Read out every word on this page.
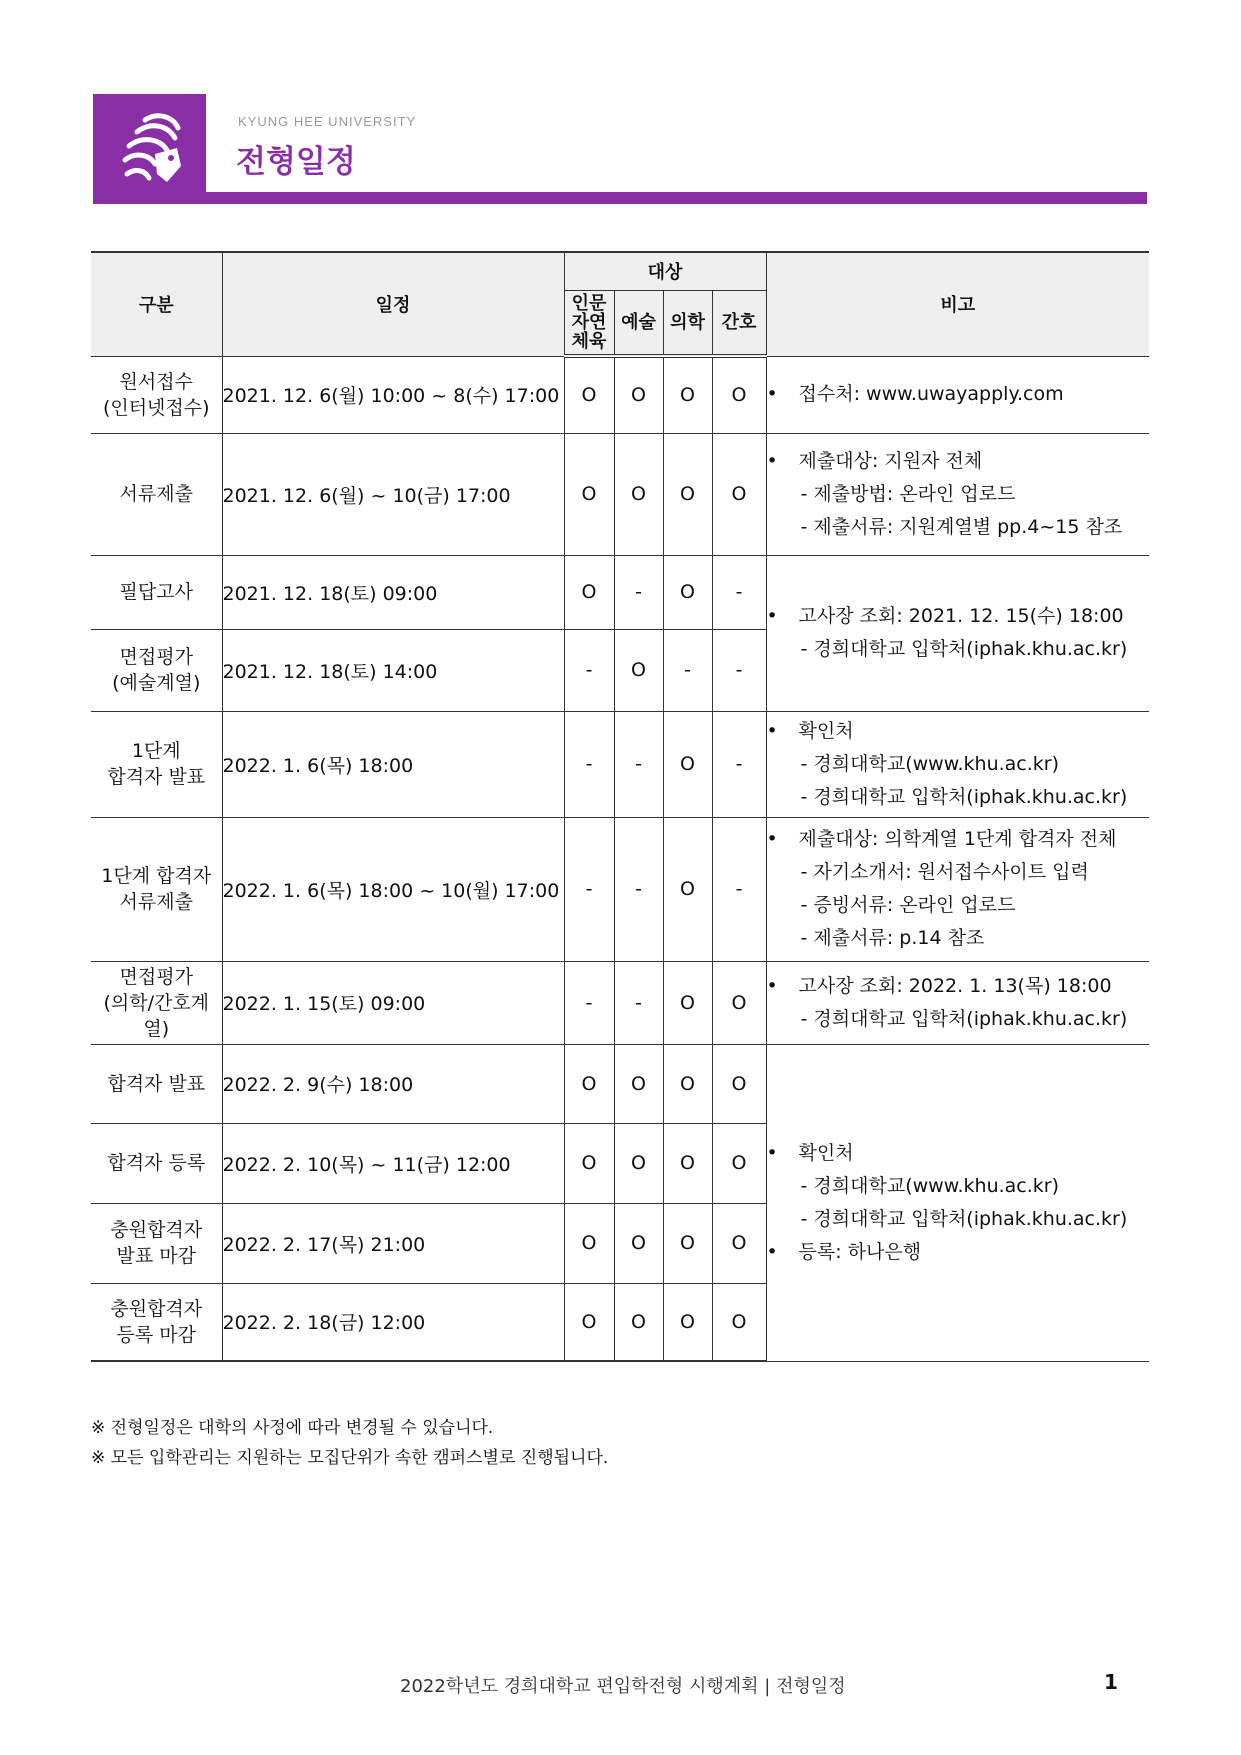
KYUNG HEE UNIVERSITY
전형일정
구분	일정	대상				비고
		인문
자연
체육	예술	의학	간호	
원서접수
(인터넷접수)	2021. 12. 6(월) 10:00 ~ 8(수) 17:00	O	O	O	O	• 접수처: www.uwayapply.com

서류제출	2021. 12. 6(월) ~ 10(금) 17:00	O	O	O	O	• 제출대상: 지원자 전체
- 제출방법: 온라인 업로드
- 제출서류: 지원계열별 pp.4~15 참조

필답고사	2021. 12. 18(토) 09:00	O	-	O	-	• 고사장 조회: 2021. 12. 15(수) 18:00
- 경희대학교 입학처(iphak.khu.ac.kr)

면접평가
(예술계열)	2021. 12. 18(토) 14:00	-	O	-	-	
1단계
합격자 발표	2022. 1. 6(목) 18:00	-	-	O	-	• 확인처
- 경희대학교(www.khu.ac.kr)
- 경희대학교 입학처(iphak.khu.ac.kr)

1단계 합격자
서류제출	2022. 1. 6(목) 18:00 ~ 10(월) 17:00	-	-	O	-	• 제출대상: 의학계열 1단계 합격자 전체
- 자기소개서: 원서접수사이트 입력
- 증빙서류: 온라인 업로드
- 제출서류: p.14 참조

면접평가
(의학/간호계열)	2022. 1. 15(토) 09:00	-	-	O	O	• 고사장 조회: 2022. 1. 13(목) 18:00
- 경희대학교 입학처(iphak.khu.ac.kr)

합격자 발표	2022. 2. 9(수) 18:00	O	O	O	O	• 확인처
- 경희대학교(www.khu.ac.kr)
- 경희대학교 입학처(iphak.khu.ac.kr)
• 등록: 하나은행

합격자 등록	2022. 2. 10(목) ~ 11(금) 12:00	O	O	O	O	
충원합격자
발표 마감	2022. 2. 17(목) 21:00	O	O	O	O	
충원합격자
등록 마감	2022. 2. 18(금) 12:00	O	O	O	O	
※ 전형일정은 대학의 사정에 따라 변경될 수 있습니다.
※ 모든 입학관리는 지원하는 모집단위가 속한 캠퍼스별로 진행됩니다.
2022학년도 경희대학교 편입학전형 시행계획 | 전형일정	1
